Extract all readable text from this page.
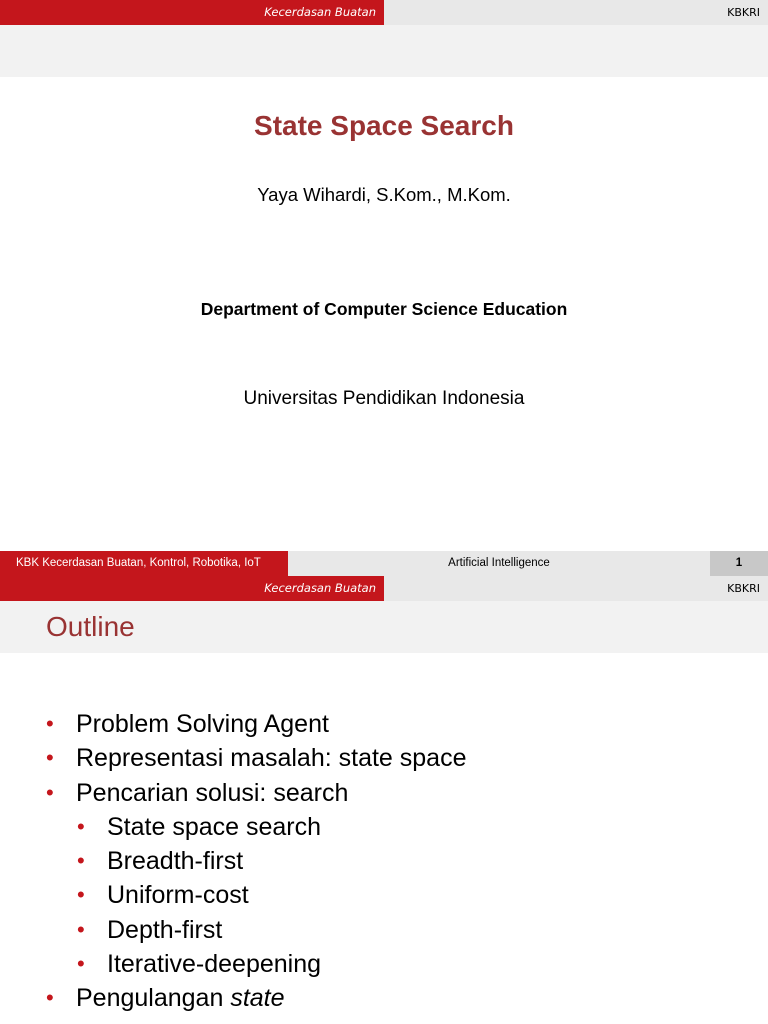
Kecerdasan Buatan	KBKRI
State Space Search
Yaya Wihardi, S.Kom., M.Kom.
Department of Computer Science Education
Universitas Pendidikan Indonesia
KBK Kecerdasan Buatan, Kontrol, Robotika, IoT	Artificial Intelligence	1
Kecerdasan Buatan	KBKRI
Outline
• Problem Solving Agent
• Representasi masalah: state space
• Pencarian solusi: search
• State space search
• Breadth-first
• Uniform-cost
• Depth-first
• Iterative-deepening
• Pengulangan state
